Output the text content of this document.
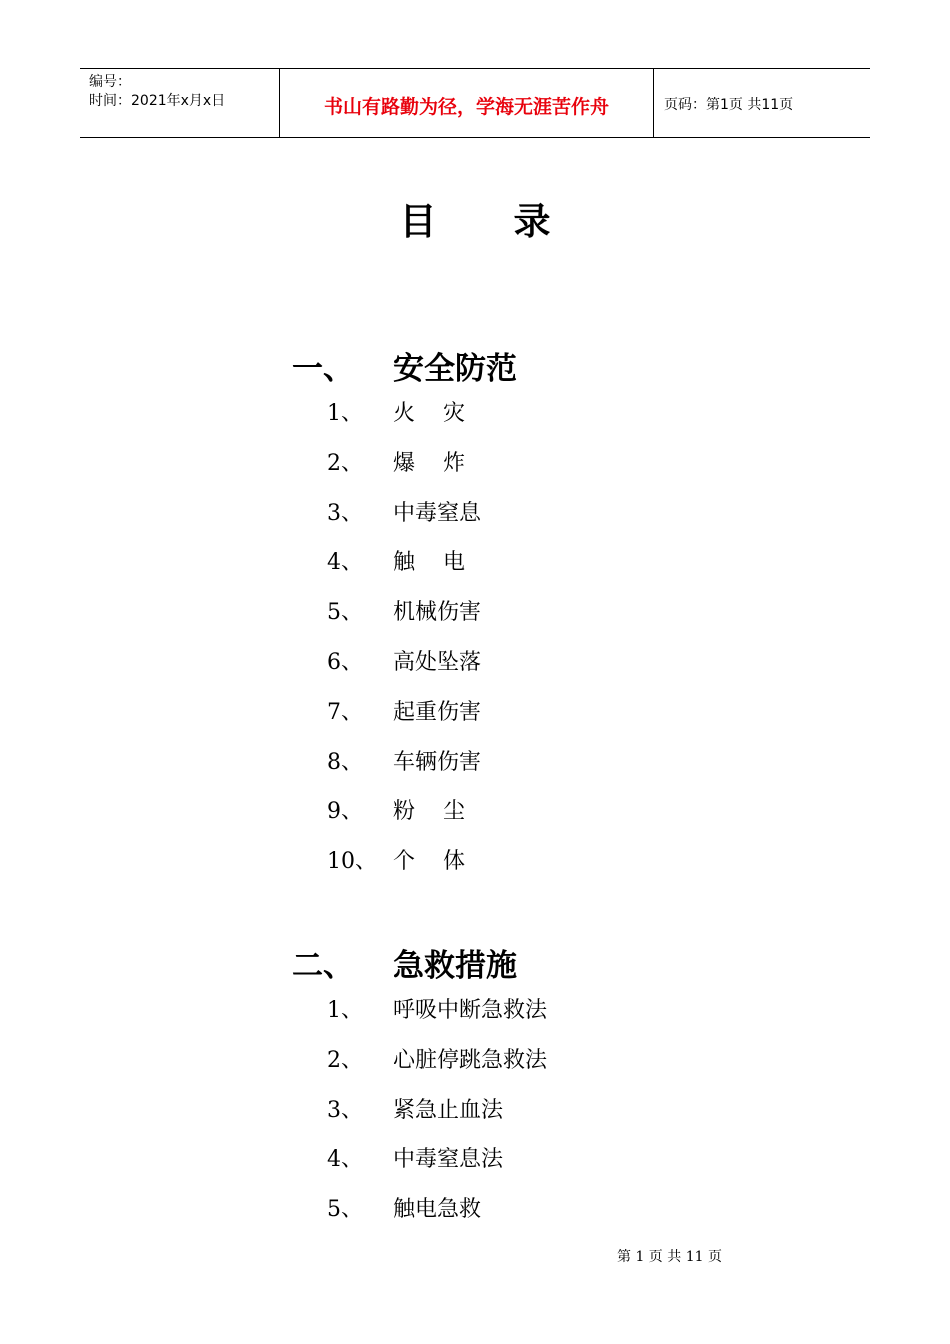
编号：
时间：2021年x月x日	书山有路勤为径，学海无涯苦作舟	页码：第1页 共11页
目录
一、 安全防范
1、 火    灾
2、 爆    炸
3、 中毒窒息
4、 触    电
5、 机械伤害
6、 高处坠落
7、 起重伤害
8、 车辆伤害
9、 粉    尘
10、 个    体
二、 急救措施
1、 呼吸中断急救法
2、 心脏停跳急救法
3、 紧急止血法
4、 中毒窒息法
5、 触电急救
第 1 页 共 11 页
